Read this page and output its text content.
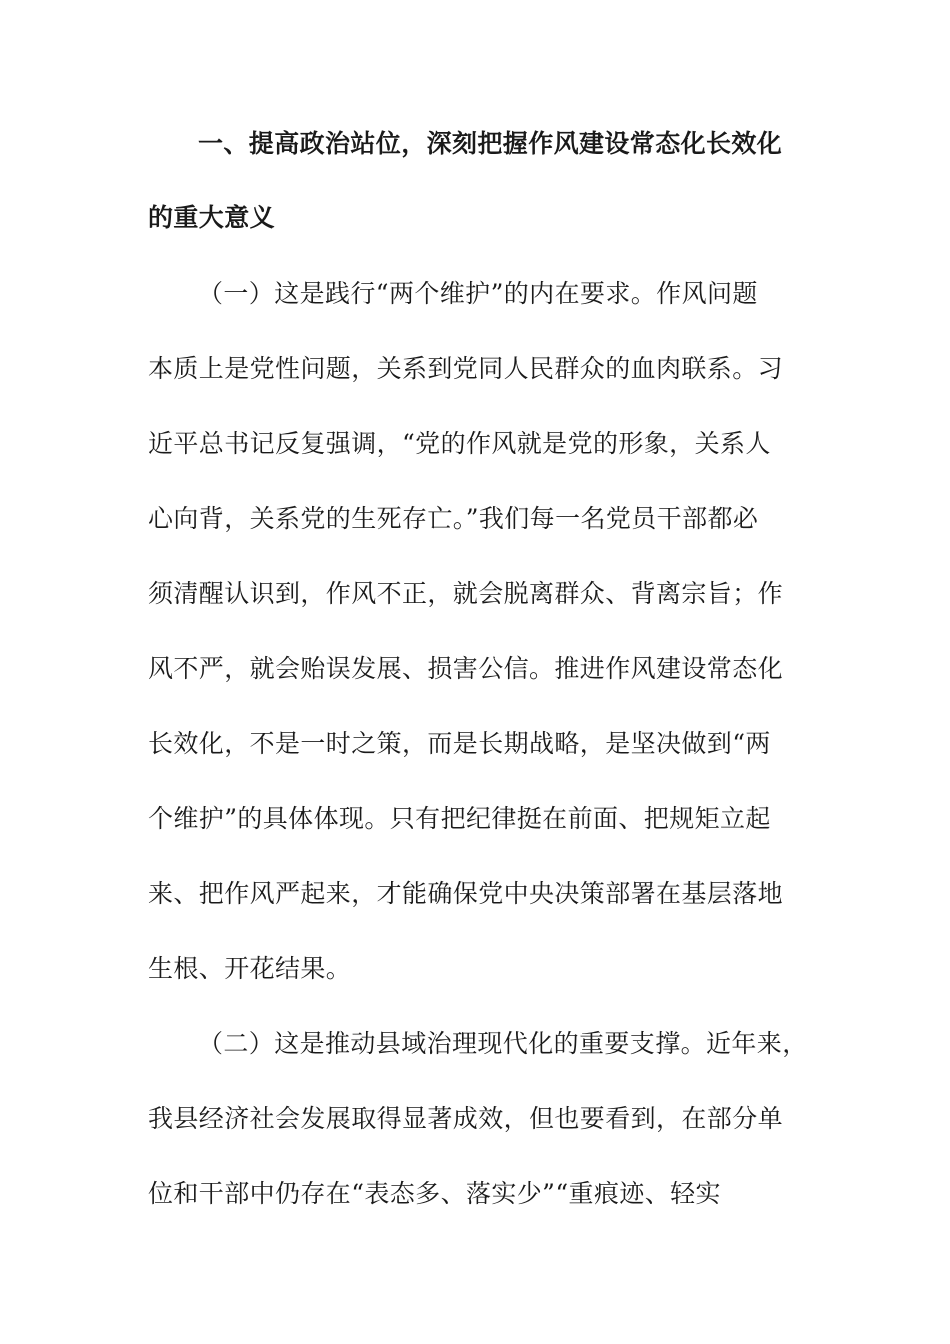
一、提高政治站位，深刻把握作风建设常态化长效化
的重大意义
（一）这是践行“两个维护”的内在要求。作风问题
本质上是党性问题，关系到党同人民群众的血肉联系。习
近平总书记反复强调，“党的作风就是党的形象，关系人
心向背，关系党的生死存亡。”我们每一名党员干部都必
须清醒认识到，作风不正，就会脱离群众、背离宗旨；作
风不严，就会贻误发展、损害公信。推进作风建设常态化
长效化，不是一时之策，而是长期战略，是坚决做到“两
个维护”的具体体现。只有把纪律挺在前面、把规矩立起
来、把作风严起来，才能确保党中央决策部署在基层落地
生根、开花结果。
（二）这是推动县域治理现代化的重要支撑。近年来，
我县经济社会发展取得显著成效，但也要看到，在部分单
位和干部中仍存在“表态多、落实少”“重痕迹、轻实
